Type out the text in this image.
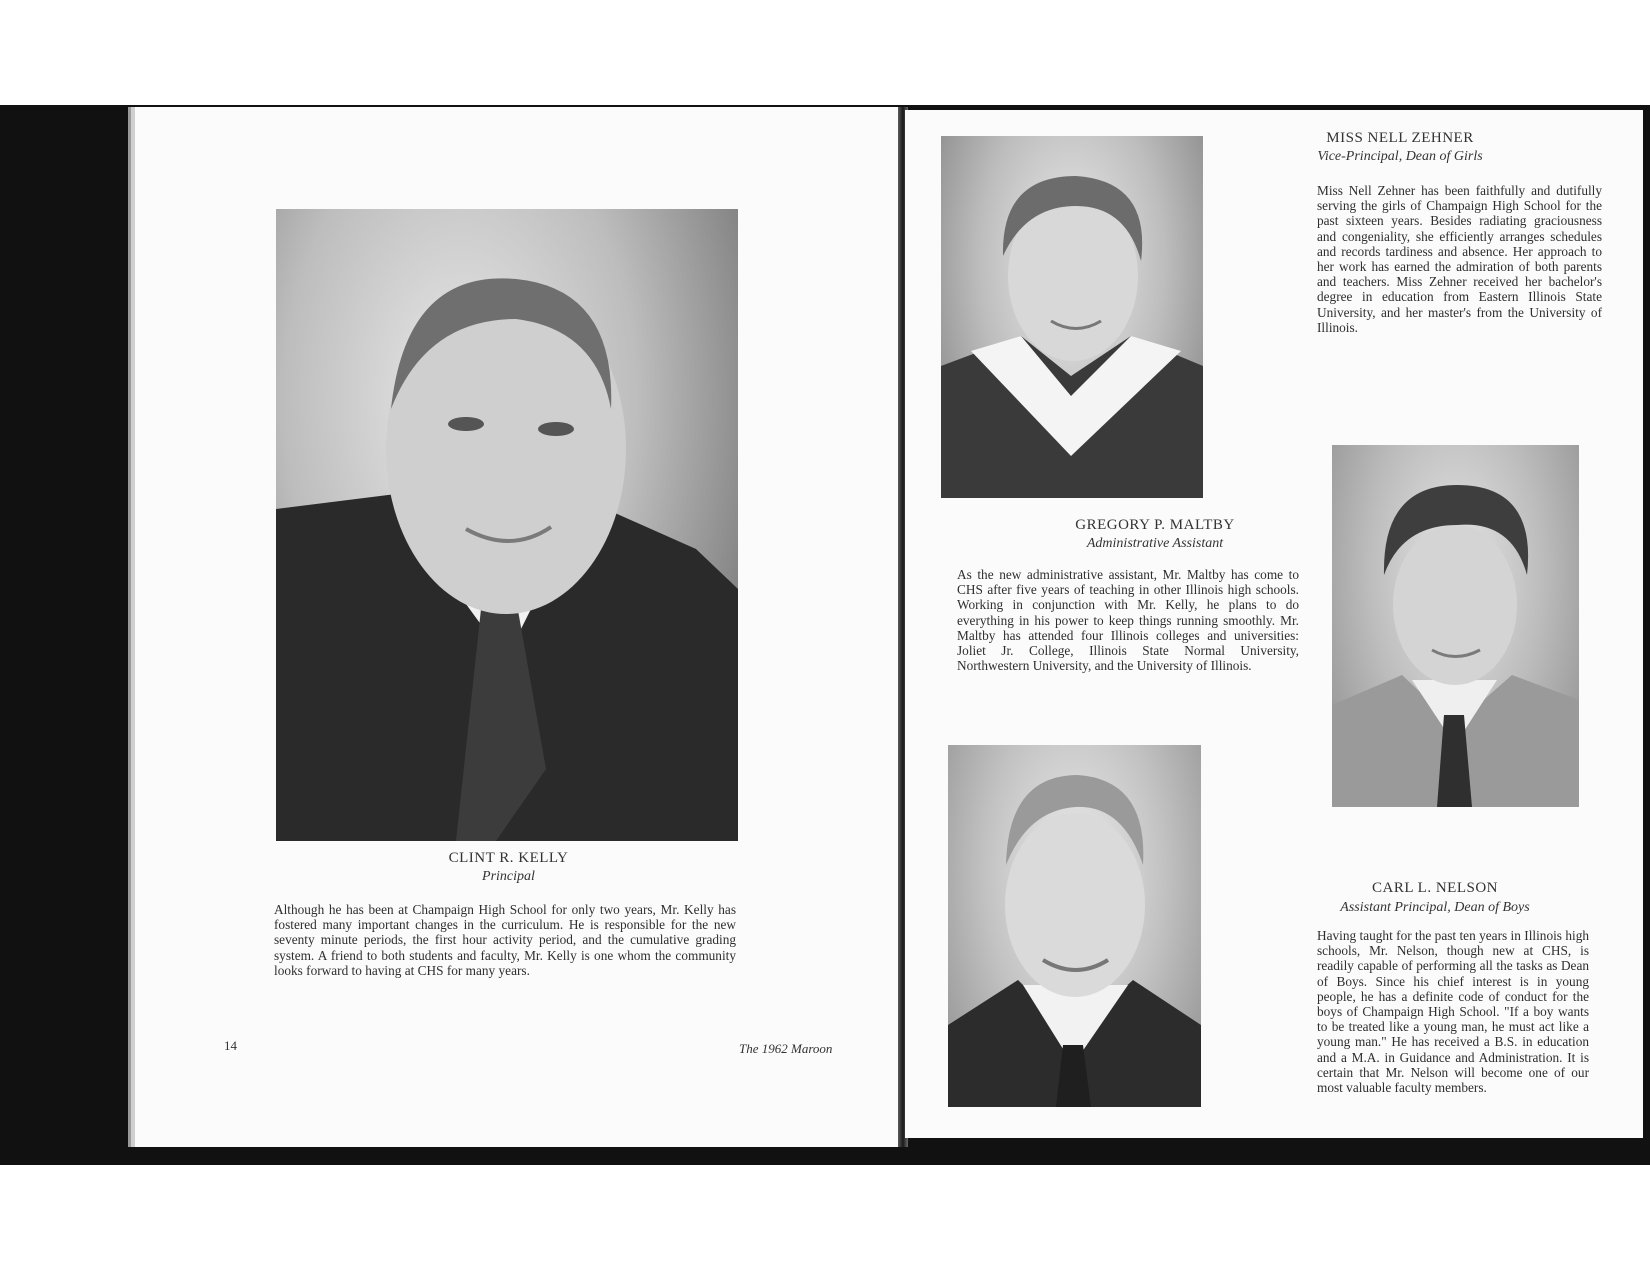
CLINT R. KELLY
Principal
Although he has been at Champaign High School for only two years, Mr. Kelly has fostered many important changes in the curriculum. He is responsible for the new seventy minute periods, the first hour activity period, and the cumulative grading system. A friend to both students and faculty, Mr. Kelly is one whom the community looks forward to having at CHS for many years.
14	The 1962 Maroon
MISS NELL ZEHNER
Vice-Principal, Dean of Girls
Miss Nell Zehner has been faithfully and dutifully serving the girls of Champaign High School for the past sixteen years. Besides radiating graciousness and congeniality, she efficiently arranges schedules and records tardiness and absence. Her approach to her work has earned the admiration of both parents and teachers. Miss Zehner received her bachelor's degree in education from Eastern Illinois State University, and her master's from the University of Illinois.
GREGORY P. MALTBY
Administrative Assistant
As the new administrative assistant, Mr. Maltby has come to CHS after five years of teaching in other Illinois high schools. Working in conjunction with Mr. Kelly, he plans to do everything in his power to keep things running smoothly. Mr. Maltby has attended four Illinois colleges and universities: Joliet Jr. College, Illinois State Normal University, Northwestern University, and the University of Illinois.
CARL L. NELSON
Assistant Principal, Dean of Boys
Having taught for the past ten years in Illinois high schools, Mr. Nelson, though new at CHS, is readily capable of performing all the tasks as Dean of Boys. Since his chief interest is in young people, he has a definite code of conduct for the boys of Champaign High School. "If a boy wants to be treated like a young man, he must act like a young man." He has received a B.S. in education and a M.A. in Guidance and Administration. It is certain that Mr. Nelson will become one of our most valuable faculty members.
